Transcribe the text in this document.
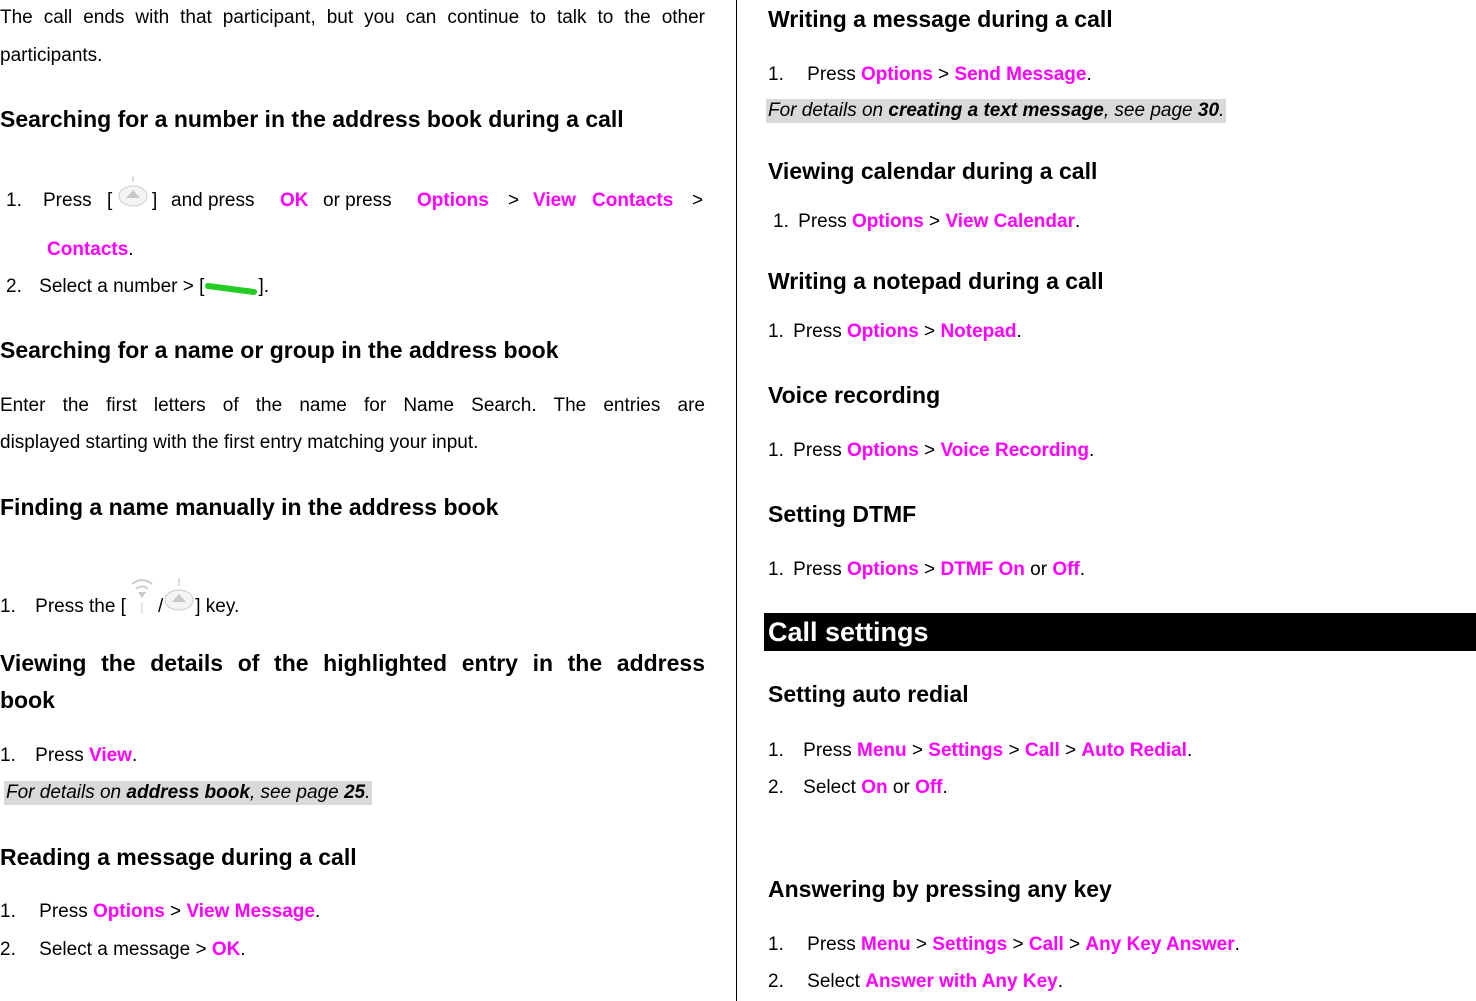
The call ends with that participant, but you can continue to talk to the other

participants.

Searching for a number in the address book during a call
1. Press [ ] and press OK or press Options > View Contacts >
Contacts.
2. Select a number > [	].
Searching for a name or group in the address book

Enter the first letters of the name for Name Search. The entries are

displayed starting with the first entry matching your input.

Finding a name manually in the address book
1. Press the [ / ] key.
Viewing the details of the highlighted entry in the address
book
1. Press View.
For details on address book, see page 25.
Reading a message during a call
1. Press Options > View Message.
2. Select a message > OK.
Writing a message during a call
1. Press Options > Send Message.
For details on creating a text message, see page 30.
Viewing calendar during a call
1. Press Options > View Calendar.
Writing a notepad during a call
1. Press Options > Notepad.
Voice recording
1. Press Options > Voice Recording.
Setting DTMF
1. Press Options > DTMF On or Off.
Call settings
Setting auto redial
1. Press Menu > Settings > Call > Auto Redial.
2. Select On or Off.
Answering by pressing any key
1. Press Menu > Settings > Call > Any Key Answer.
2. Select Answer with Any Key.
